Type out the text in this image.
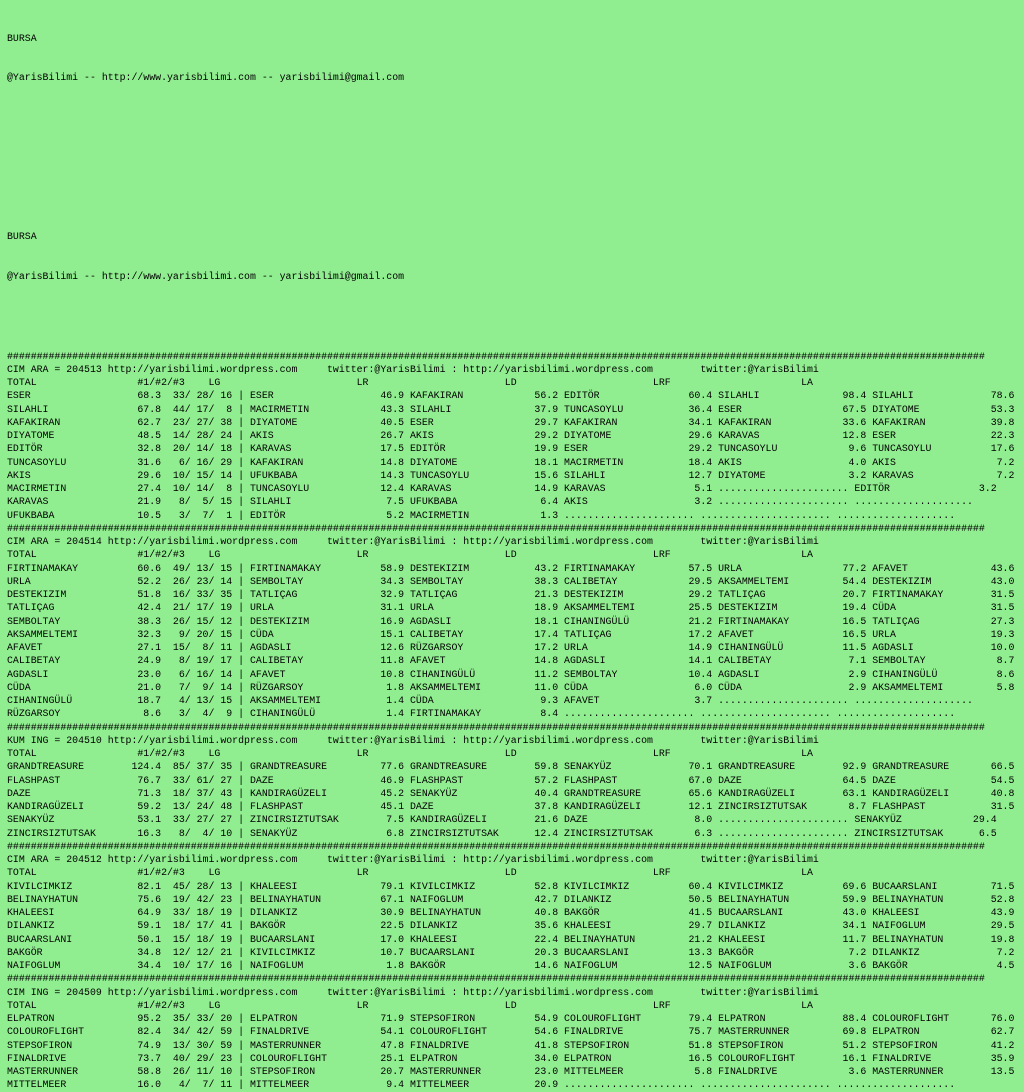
BURSA

@YarisBilimi -- http://www.yarisbilimi.com -- yarisbilimi@gmail.com

BURSA

@YarisBilimi -- http://www.yarisbilimi.com -- yarisbilimi@gmail.com

#####################################################################################################################################################################
CIM ARA = 204513 http://yarisbilimi.wordpress.com     twitter:@YarisBilimi : http://yarisbilimi.wordpress.com        twitter:@YarisBilimi
TOTAL                 #1/#2/#3    LG                       LR                       LD                       LRF                      LA
ESER                  68.3  33/ 28/ 16 | ESER                  46.9 KAFAKIRAN            56.2 EDITÖR               60.4 SILAHLI              98.4 SILAHLI             78.6
SILAHLI               67.8  44/ 17/  8 | MACIRMETIN            43.3 SILAHLI              37.9 TUNCASOYLU           36.4 ESER                 67.5 DIYATOME            53.3
KAFAKIRAN             62.7  23/ 27/ 38 | DIYATOME              40.5 ESER                 29.7 KAFAKIRAN            34.1 KAFAKIRAN            33.6 KAFAKIRAN           39.8
DIYATOME              48.5  14/ 28/ 24 | AKIS                  26.7 AKIS                 29.2 DIYATOME             29.6 KARAVAS              12.8 ESER                22.3
EDITÖR                32.8  20/ 14/ 18 | KARAVAS               17.5 EDITÖR               19.9 ESER                 29.2 TUNCASOYLU            9.6 TUNCASOYLU          17.6
TUNCASOYLU            31.6   6/ 16/ 29 | KAFAKIRAN             14.8 DIYATOME             18.1 MACIRMETIN           18.4 AKIS                  4.0 AKIS                 7.2
AKIS                  29.6  10/ 15/ 14 | UFUKBABA              14.3 TUNCASOYLU           15.6 SILAHLI              12.7 DIYATOME              3.2 KARAVAS              7.2
MACIRMETIN            27.4  10/ 14/  8 | TUNCASOYLU            12.4 KARAVAS              14.9 KARAVAS               5.1 ...................... EDITÖR               3.2
KARAVAS               21.9   8/  5/ 15 | SILAHLI                7.5 UFUKBABA              6.4 AKIS                  3.2 ...................... ....................
UFUKBABA              10.5   3/  7/  1 | EDITÖR                 5.2 MACIRMETIN            1.3 ...................... ...................... ....................
#####################################################################################################################################################################
CIM ARA = 204514 http://yarisbilimi.wordpress.com     twitter:@YarisBilimi : http://yarisbilimi.wordpress.com        twitter:@YarisBilimi
TOTAL                 #1/#2/#3    LG                       LR                       LD                       LRF                      LA
FIRTINAMAKAY          60.6  49/ 13/ 15 | FIRTINAMAKAY          58.9 DESTEKIZIM           43.2 FIRTINAMAKAY         57.5 URLA                 77.2 AFAVET              43.6
URLA                  52.2  26/ 23/ 14 | SEMBOLTAY             34.3 SEMBOLTAY            38.3 CALIBETAY            29.5 AKSAMMELTEMI         54.4 DESTEKIZIM          43.0
DESTEKIZIM            51.8  16/ 33/ 35 | TATLIÇAG              32.9 TATLIÇAG             21.3 DESTEKIZIM           29.2 TATLIÇAG             20.7 FIRTINAMAKAY        31.5
TATLIÇAG              42.4  21/ 17/ 19 | URLA                  31.1 URLA                 18.9 AKSAMMELTEMI         25.5 DESTEKIZIM           19.4 CÜDA                31.5
SEMBOLTAY             38.3  26/ 15/ 12 | DESTEKIZIM            16.9 AGDASLI              18.1 CIHANINGÜLÜ          21.2 FIRTINAMAKAY         16.5 TATLIÇAG            27.3
AKSAMMELTEMI          32.3   9/ 20/ 15 | CÜDA                  15.1 CALIBETAY            17.4 TATLIÇAG             17.2 AFAVET               16.5 URLA                19.3
AFAVET                27.1  15/  8/ 11 | AGDASLI               12.6 RÜZGARSOY            17.2 URLA                 14.9 CIHANINGÜLÜ          11.5 AGDASLI             10.0
CALIBETAY             24.9   8/ 19/ 17 | CALIBETAY             11.8 AFAVET               14.8 AGDASLI              14.1 CALIBETAY             7.1 SEMBOLTAY            8.7
AGDASLI               23.0   6/ 16/ 14 | AFAVET                10.8 CIHANINGÜLÜ          11.2 SEMBOLTAY            10.4 AGDASLI               2.9 CIHANINGÜLÜ          8.6
CÜDA                  21.0   7/  9/ 14 | RÜZGARSOY              1.8 AKSAMMELTEMI         11.0 CÜDA                  6.0 CÜDA                  2.9 AKSAMMELTEMI         5.8
CIHANINGÜLÜ           18.7   4/ 13/ 15 | AKSAMMELTEMI           1.4 CÜDA                  9.3 AFAVET                3.7 ...................... ....................
RÜZGARSOY              8.6   3/  4/  9 | CIHANINGÜLÜ            1.4 FIRTINAMAKAY          8.4 ...................... ...................... ....................
#####################################################################################################################################################################
KUM ING = 204510 http://yarisbilimi.wordpress.com     twitter:@YarisBilimi : http://yarisbilimi.wordpress.com        twitter:@YarisBilimi
TOTAL                 #1/#2/#3    LG                       LR                       LD                       LRF                      LA
GRANDTREASURE        124.4  85/ 37/ 35 | GRANDTREASURE         77.6 GRANDTREASURE        59.8 SENAKYÜZ             70.1 GRANDTREASURE        92.9 GRANDTREASURE       66.5
FLASHPAST             76.7  33/ 61/ 27 | DAZE                  46.9 FLASHPAST            57.2 FLASHPAST            67.0 DAZE                 64.5 DAZE                54.5
DAZE                  71.3  18/ 37/ 43 | KANDIRAGÜZELI         45.2 SENAKYÜZ             40.4 GRANDTREASURE        65.6 KANDIRAGÜZELI        63.1 KANDIRAGÜZELI       40.8
KANDIRAGÜZELI         59.2  13/ 24/ 48 | FLASHPAST             45.1 DAZE                 37.8 KANDIRAGÜZELI        12.1 ZINCIRSIZTUTSAK       8.7 FLASHPAST           31.5
SENAKYÜZ              53.1  33/ 27/ 27 | ZINCIRSIZTUTSAK        7.5 KANDIRAGÜZELI        21.6 DAZE                  8.0 ...................... SENAKYÜZ            29.4
ZINCIRSIZTUTSAK       16.3   8/  4/ 10 | SENAKYÜZ               6.8 ZINCIRSIZTUTSAK      12.4 ZINCIRSIZTUTSAK       6.3 ...................... ZINCIRSIZTUTSAK      6.5
#####################################################################################################################################################################
CIM ARA = 204512 http://yarisbilimi.wordpress.com     twitter:@YarisBilimi : http://yarisbilimi.wordpress.com        twitter:@YarisBilimi
TOTAL                 #1/#2/#3    LG                       LR                       LD                       LRF                      LA
KIVILCIMKIZ           82.1  45/ 28/ 13 | KHALEESI              79.1 KIVILCIMKIZ          52.8 KIVILCIMKIZ          60.4 KIVILCIMKIZ          69.6 BUCAARSLANI         71.5
BELINAYHATUN          75.6  19/ 42/ 23 | BELINAYHATUN          67.1 NAIFOGLUM            42.7 DILANKIZ             50.5 BELINAYHATUN         59.9 BELINAYHATUN        52.8
KHALEESI              64.9  33/ 18/ 19 | DILANKIZ              30.9 BELINAYHATUN         40.8 BAKGÖR               41.5 BUCAARSLANI          43.0 KHALEESI            43.9
DILANKIZ              59.1  18/ 17/ 41 | BAKGÖR                22.5 DILANKIZ             35.6 KHALEESI             29.7 DILANKIZ             34.1 NAIFOGLUM           29.5
BUCAARSLANI           50.1  15/ 18/ 19 | BUCAARSLANI           17.0 KHALEESI             22.4 BELINAYHATUN         21.2 KHALEESI             11.7 BELINAYHATUN        19.8
BAKGÖR                34.8  12/ 12/ 21 | KIVILCIMKIZ           10.7 BUCAARSLANI          20.3 BUCAARSLANI          13.3 BAKGÖR                7.2 DILANKIZ             7.2
NAIFOGLUM             34.4  10/ 17/ 16 | NAIFOGLUM              1.8 BAKGÖR               14.6 NAIFOGLUM            12.5 NAIFOGLUM             3.6 BAKGÖR               4.5
#####################################################################################################################################################################
CIM ING = 204509 http://yarisbilimi.wordpress.com     twitter:@YarisBilimi : http://yarisbilimi.wordpress.com        twitter:@YarisBilimi
TOTAL                 #1/#2/#3    LG                       LR                       LD                       LRF                      LA
ELPATRON              95.2  35/ 33/ 20 | ELPATRON              71.9 STEPSOFIRON          54.9 COLOUROFLIGHT        79.4 ELPATRON             88.4 COLOUROFLIGHT       76.0
COLOUROFLIGHT         82.4  34/ 42/ 59 | FINALDRIVE            54.1 COLOUROFLIGHT        54.6 FINALDRIVE           75.7 MASTERRUNNER         69.8 ELPATRON            62.7
STEPSOFIRON           74.9  13/ 30/ 59 | MASTERRUNNER          47.8 FINALDRIVE           41.8 STEPSOFIRON          51.8 STEPSOFIRON          51.2 STEPSOFIRON         41.2
FINALDRIVE            73.7  40/ 29/ 23 | COLOUROFLIGHT         25.1 ELPATRON             34.0 ELPATRON             16.5 COLOUROFLIGHT        16.1 FINALDRIVE          35.9
MASTERRUNNER          58.8  26/ 11/ 10 | STEPSOFIRON           20.7 MASTERRUNNER         23.0 MITTELMEER            5.8 FINALDRIVE            3.6 MASTERRUNNER        13.5
MITTELMEER            16.0   4/  7/ 11 | MITTELMEER             9.4 MITTELMEER           20.9 ...................... ...................... ....................
